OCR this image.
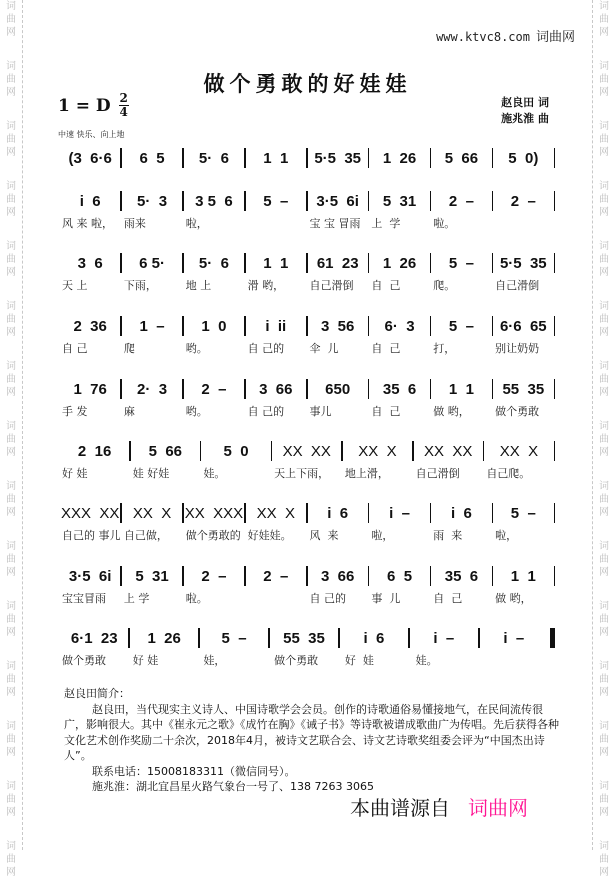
词
曲
网
词
曲
网
词
曲
网
词
曲
网
词
曲
网
词
曲
网
词
曲
网
词
曲
网
词
曲
网
词
曲
网
词
曲
网
词
曲
网
词
曲
网
词
曲
网
词
曲
网
词
曲
网
词
曲
网
词
曲
网
词
曲
网
词
曲
网
词
曲
网
词
曲
网
词
曲
网
词
曲
网
词
曲
网
词
曲
网
词
曲
网
词
曲
网
词
曲
网
词
曲
网
www.ktvc8.com 词曲网
做个勇敢的好娃娃
1 = D $\frac{2}{4}$	赵良田 词
施兆淮 曲
中速 快乐、向上地
(3  6·6	6  5	5·  6	1  1	5·5  35	1  26	5  66	5  0)
i  6	5·  3	3 5  6	5  –	3·5  6i	5  31	2  –	2  –
风 来 啦， 雨来	啦，	宝 宝 冒雨 上  学	啦。
3  6	6 5·	5·  6	1  1	61  23	1  26	5  –	5·5  35
天 上	下雨，	地 上	滑 哟，	自己滑倒	自  己	爬。	自己滑倒
2  36	1  –	1  0	i  ii	3  56	6·  3	5  –	6·6  65
自 己	爬	哟。	自 己的	伞  儿	自  己	打，	别让奶奶
1  76	2·  3	2  –	3  66	650	35  6	1  1	55  35
手 发	麻	哟。	自 己的	事儿	自  己	做 哟，	做个勇敢
2  16	5  66	5  0	XX  XX	XX  X	XX  XX	XX  X
好 娃	娃 好娃	娃。	天上下雨，	地上滑，	自己滑倒	自己爬。
XXX  XX XX  X XX  XXX XX  X	i  6	i  –	i  6	5  –
自己的 事儿 自己做，	做个勇敢的 好娃娃。	风  来	啦，	雨  来	啦，
3·5  6i	5  31	2  –	2  –	3  66	6  5	35  6	1  1
宝宝冒雨	上 学	啦。	自 己的	事  儿	自  己	做 哟，
6·1  23	1  26	5  –	55  35	i  6	i  –	i  –
做个勇敢	好 娃	娃，	做个勇敢	好  娃	娃。

赵良田简介：

赵良田，当代现实主义诗人、中国诗歌学会会员。创作的诗歌通俗易懂接地气，在民间流传很广，影响很大。其中《崔永元之歌》《成竹在胸》《诫子书》等诗歌被谱成歌曲广为传唱。先后获得各种文化艺术创作奖励二十余次，2018年4月，被诗文艺联合会、诗文艺诗歌奖组委会评为“中国杰出诗人”。

联系电话：15008183311（微信同号）。

施兆淮：湖北宜昌星火路气象台一号了、138 7263 3065

本曲谱源自 词曲网
